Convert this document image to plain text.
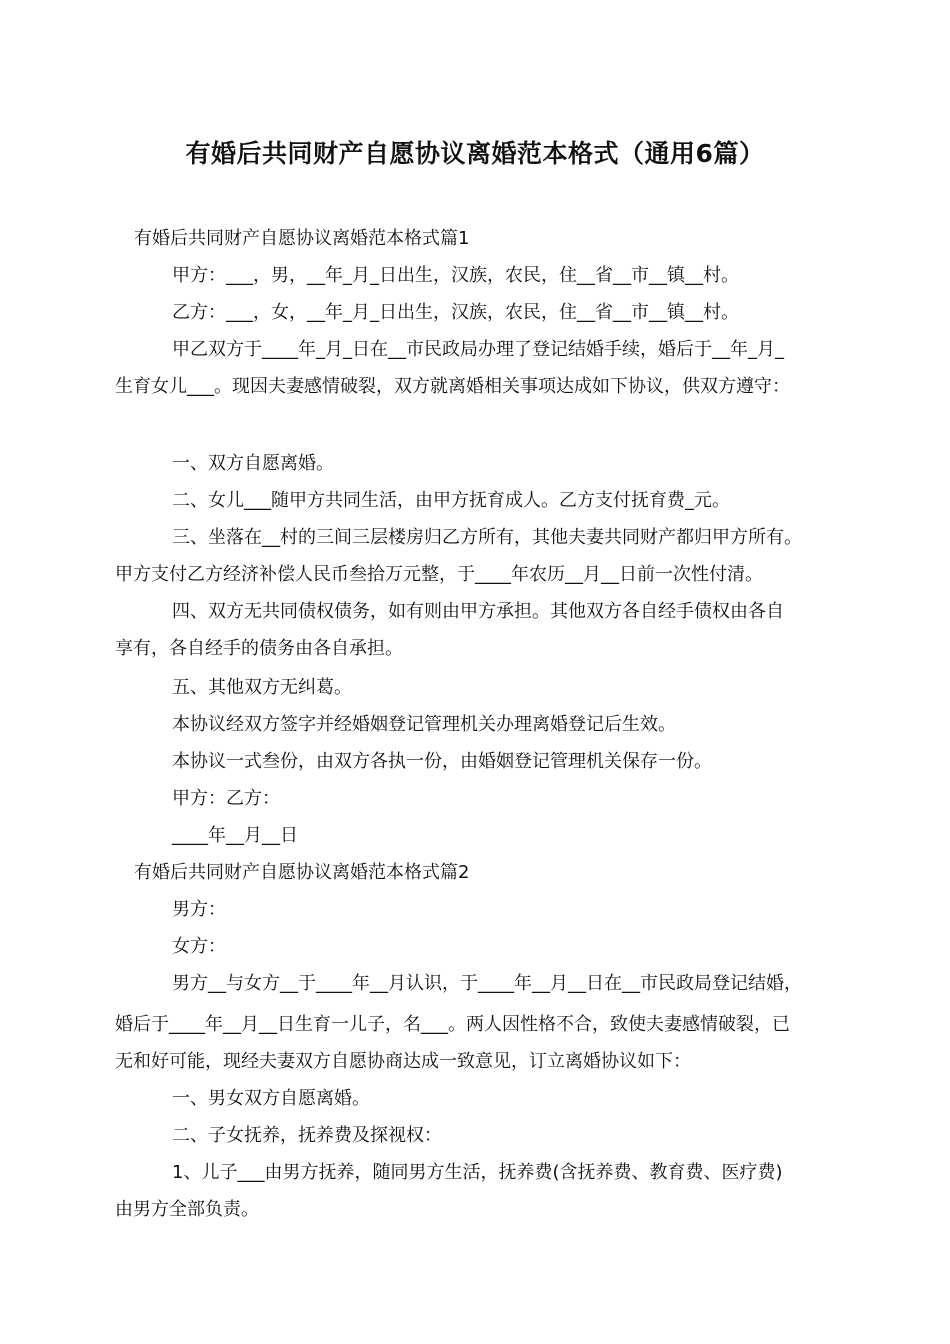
有婚后共同财产自愿协议离婚范本格式（通用6篇）

有婚后共同财产自愿协议离婚范本格式篇1

甲方：___，男，__年_月_日出生，汉族，农民，住__省__市__镇__村。

乙方：___，女，__年_月_日出生，汉族，农民，住__省__市__镇__村。

甲乙双方于____年_月_日在__市民政局办理了登记结婚手续，婚后于__年_月_

生育女儿___。现因夫妻感情破裂，双方就离婚相关事项达成如下协议，供双方遵守：

一、双方自愿离婚。

二、女儿___随甲方共同生活，由甲方抚育成人。乙方支付抚育费_元。

三、坐落在__村的三间三层楼房归乙方所有，其他夫妻共同财产都归甲方所有。

甲方支付乙方经济补偿人民币叁拾万元整，于____年农历__月__日前一次性付清。

四、双方无共同债权债务，如有则由甲方承担。其他双方各自经手债权由各自

享有，各自经手的债务由各自承担。

五、其他双方无纠葛。

本协议经双方签字并经婚姻登记管理机关办理离婚登记后生效。

本协议一式叁份，由双方各执一份，由婚姻登记管理机关保存一份。

甲方：乙方：

____年__月__日

有婚后共同财产自愿协议离婚范本格式篇2

男方：

女方：

男方__与女方__于____年__月认识，于____年__月__日在__市民政局登记结婚，

婚后于____年__月__日生育一儿子，名___。两人因性格不合，致使夫妻感情破裂，已

无和好可能，现经夫妻双方自愿协商达成一致意见，订立离婚协议如下：

一、男女双方自愿离婚。

二、子女抚养，抚养费及探视权：

1、儿子___由男方抚养，随同男方生活，抚养费(含抚养费、教育费、医疗费)

由男方全部负责。
